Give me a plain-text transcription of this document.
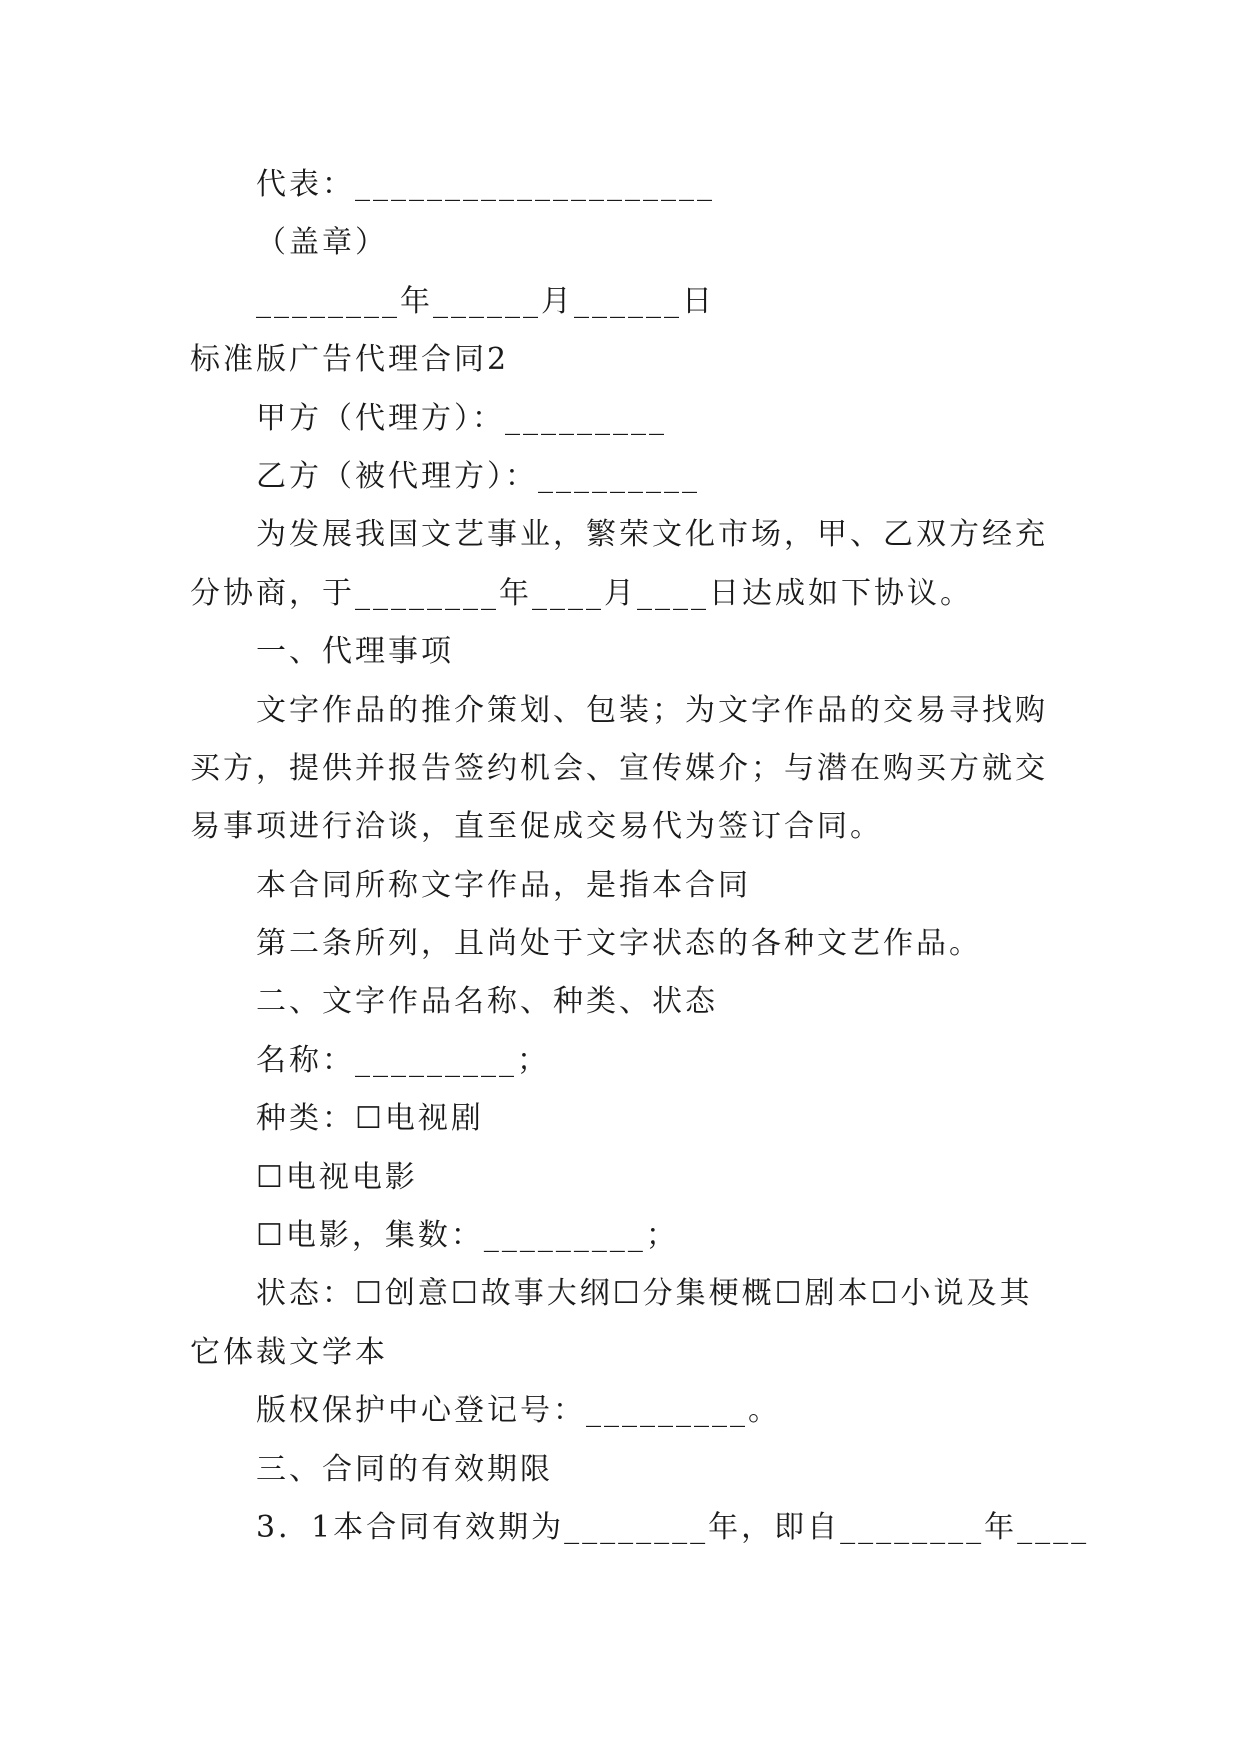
代表：____________________
（盖章）
________年______月______日
标准版广告代理合同2
甲方（代理方）：_________
乙方（被代理方）：_________
为发展我国文艺事业，繁荣文化市场，甲、乙双方经充
分协商，于________年____月____日达成如下协议。
一、代理事项
文字作品的推介策划、包装；为文字作品的交易寻找购
买方，提供并报告签约机会、宣传媒介；与潜在购买方就交
易事项进行洽谈，直至促成交易代为签订合同。
本合同所称文字作品，是指本合同
第二条所列，且尚处于文字状态的各种文艺作品。
二、文字作品名称、种类、状态
名称：_________；
种类：☐电视剧
☐电视电影
☐电影，集数：_________；
状态：☐创意☐故事大纲☐分集梗概☐剧本☐小说及其
它体裁文学本
版权保护中心登记号：_________。
三、合同的有效期限
3．1本合同有效期为________年，即自________年____
